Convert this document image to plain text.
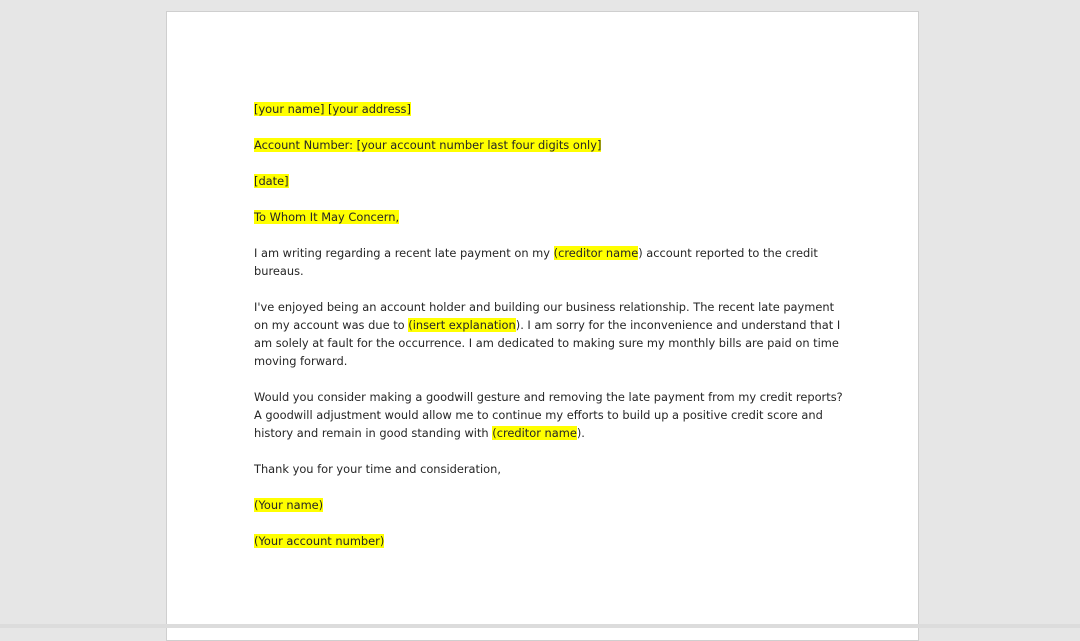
[your name] [your address]

Account Number: [your account number last four digits only]

[date]

To Whom It May Concern,

I am writing regarding a recent late payment on my (creditor name) account reported to the credit bureaus.

I've enjoyed being an account holder and building our business relationship. The recent late payment on my account was due to (insert explanation). I am sorry for the inconvenience and understand that I am solely at fault for the occurrence. I am dedicated to making sure my monthly bills are paid on time moving forward.

Would you consider making a goodwill gesture and removing the late payment from my credit reports? A goodwill adjustment would allow me to continue my efforts to build up a positive credit score and history and remain in good standing with (creditor name).

Thank you for your time and consideration,

(Your name)

(Your account number)
